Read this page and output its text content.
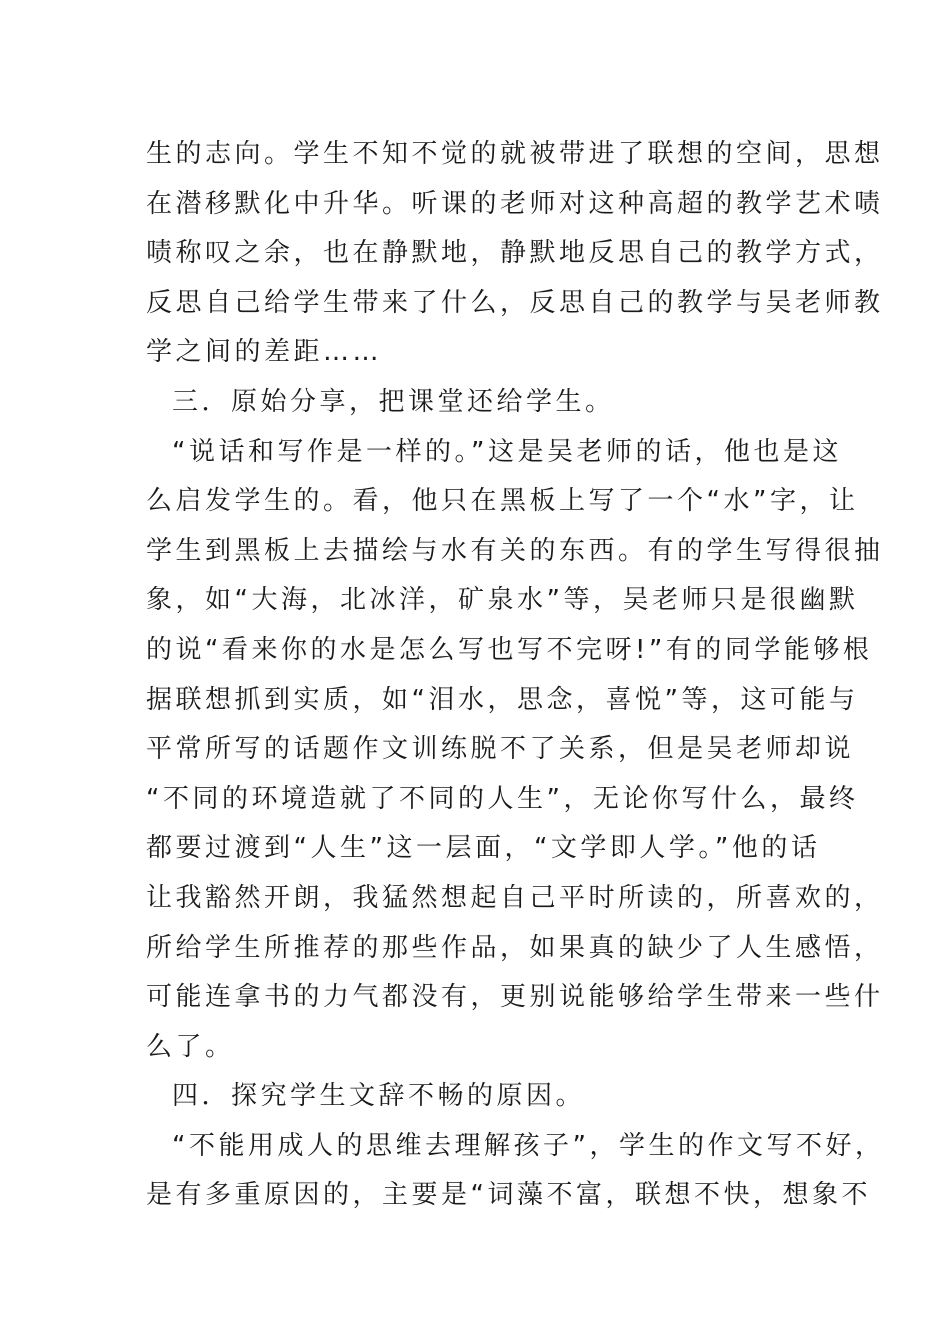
生的志向。学生不知不觉的就被带进了联想的空间，思想
在潜移默化中升华。听课的老师对这种高超的教学艺术啧
啧称叹之余，也在静默地，静默地反思自己的教学方式，
反思自己给学生带来了什么，反思自己的教学与吴老师教
学之间的差距……
三．原始分享，把课堂还给学生。
“说话和写作是一样的。”这是吴老师的话，他也是这
么启发学生的。看，他只在黑板上写了一个“水”字，让
学生到黑板上去描绘与水有关的东西。有的学生写得很抽
象，如“大海，北冰洋，矿泉水”等，吴老师只是很幽默
的说“看来你的水是怎么写也写不完呀!”有的同学能够根
据联想抓到实质，如“泪水，思念，喜悦”等，这可能与
平常所写的话题作文训练脱不了关系，但是吴老师却说
“不同的环境造就了不同的人生”，无论你写什么，最终
都要过渡到“人生”这一层面，“文学即人学。”他的话
让我豁然开朗，我猛然想起自己平时所读的，所喜欢的，
所给学生所推荐的那些作品，如果真的缺少了人生感悟，
可能连拿书的力气都没有，更别说能够给学生带来一些什
么了。
四．探究学生文辞不畅的原因。
“不能用成人的思维去理解孩子”，学生的作文写不好，
是有多重原因的，主要是“词藻不富，联想不快，想象不
